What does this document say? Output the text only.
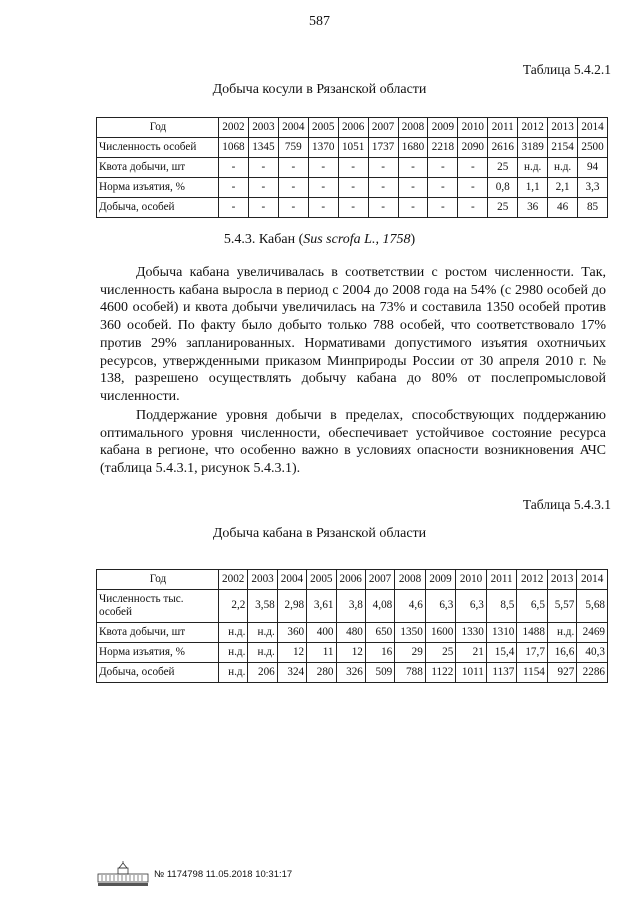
587
Таблица 5.4.2.1
Добыча косули в Рязанской области
Год	2002	2003	2004	2005	2006	2007	2008	2009	2010	2011	2012	2013	2014
Численность особей	1068	1345	759	1370	1051	1737	1680	2218	2090	2616	3189	2154	2500
Квота добычи, шт	-	-	-	-	-	-	-	-	-	25	н.д.	н.д.	94
Норма изъятия, %	-	-	-	-	-	-	-	-	-	0,8	1,1	2,1	3,3
Добыча, особей	-	-	-	-	-	-	-	-	-	25	36	46	85
5.4.3. Кабан (Sus scrofa L., 1758)

Добыча кабана увеличивалась в соответствии с ростом численности. Так, численность кабана выросла в период с 2004 до 2008 года на 54% (с 2980 особей до 4600 особей) и квота добычи увеличилась на 73% и составила 1350 особей против 360 особей. По факту было добыто только 788 особей, что соответствовало 17% против 29% запланированных. Нормативами допустимого изъятия охотничьих ресурсов, утвержденными приказом Минприроды России от 30 апреля 2010 г. № 138, разрешено осуществлять добычу кабана до 80% от послепромысловой численности.

Поддержание уровня добычи в пределах, способствующих поддержанию оптимального уровня численности, обеспечивает устойчивое состояние ресурса кабана в регионе, что особенно важно в условиях опасности возникновения АЧС (таблица 5.4.3.1, рисунок 5.4.3.1).

Таблица 5.4.3.1
Добыча кабана в Рязанской области
Год	2002	2003	2004	2005	2006	2007	2008	2009	2010	2011	2012	2013	2014
Численность тыс. особей	2,2	3,58	2,98	3,61	3,8	4,08	4,6	6,3	6,3	8,5	6,5	5,57	5,68
Квота добычи, шт	н.д.	н.д.	360	400	480	650	1350	1600	1330	1310	1488	н.д.	2469
Норма изъятия, %	н.д.	н.д.	12	11	12	16	29	25	21	15,4	17,7	16,6	40,3
Добыча, особей	н.д.	206	324	280	326	509	788	1122	1011	1137	1154	927	2286
№ 1174798 11.05.2018 10:31:17
